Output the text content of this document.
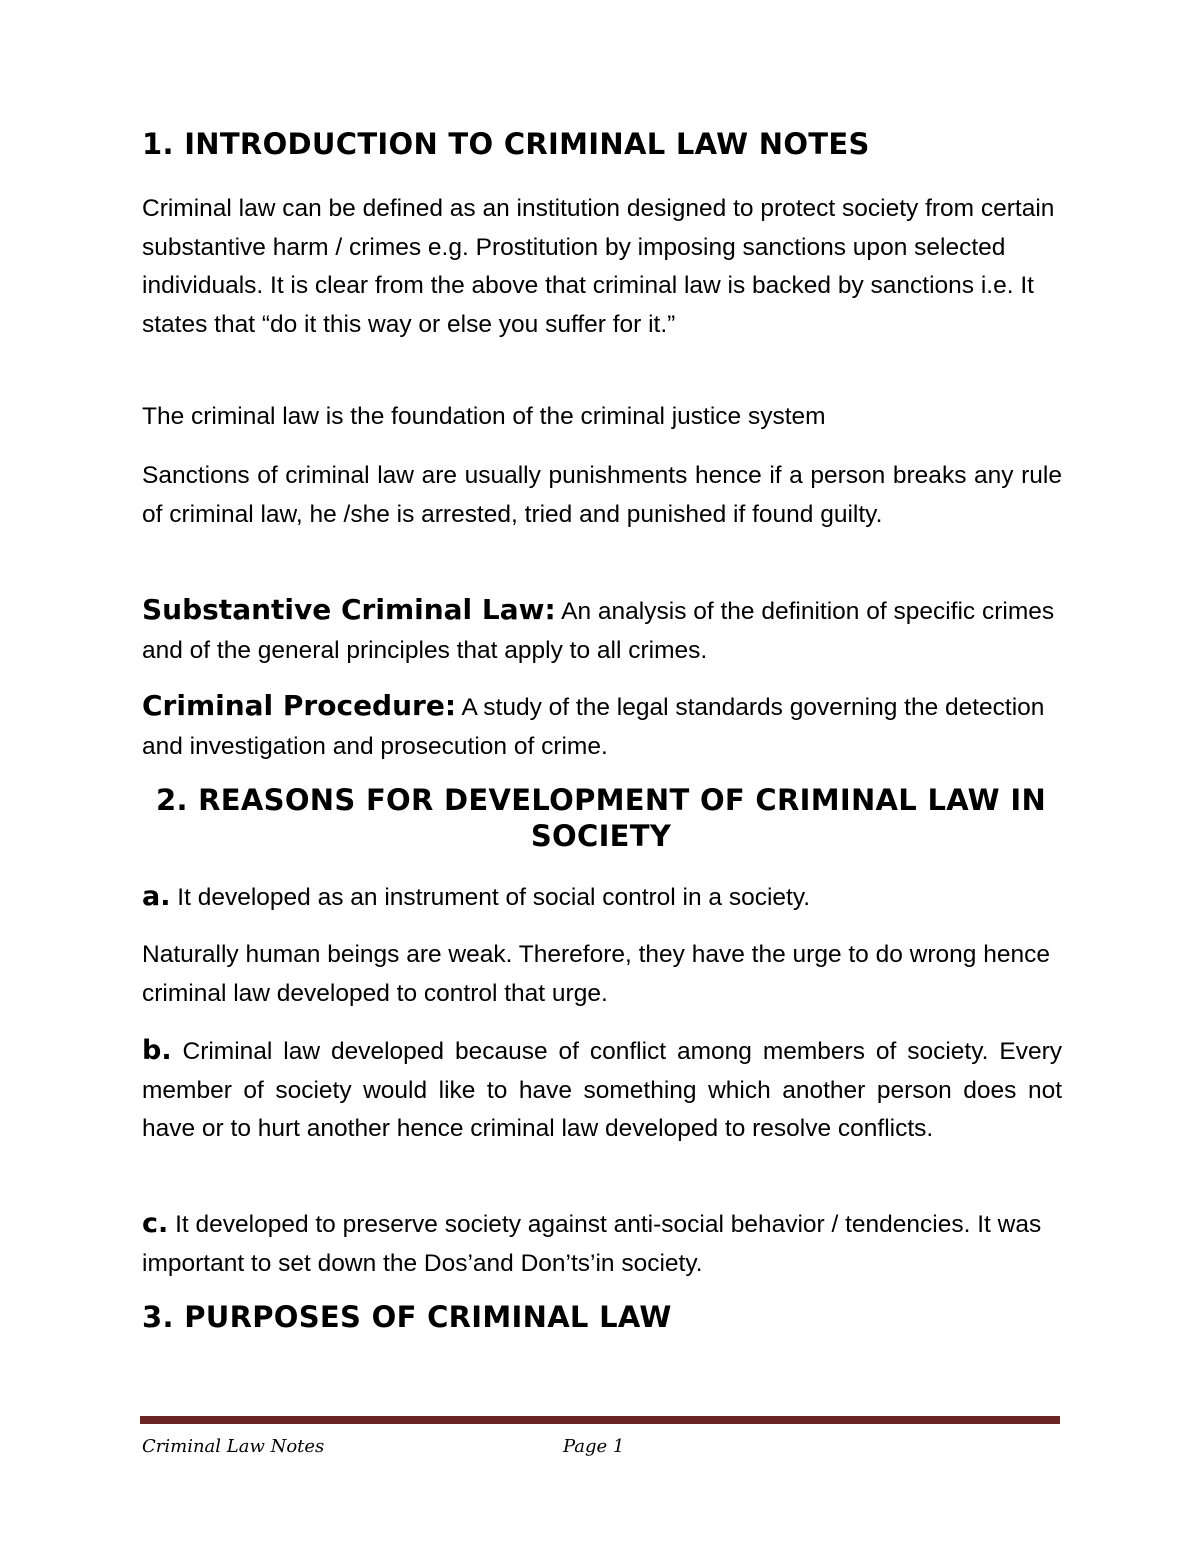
1. INTRODUCTION TO CRIMINAL LAW NOTES

Criminal law can be defined as an institution designed to protect society from certain substantive harm / crimes e.g. Prostitution by imposing sanctions upon selected individuals. It is clear from the above that criminal law is backed by sanctions i.e. It states that “do it this way or else you suffer for it.”

The criminal law is the foundation of the criminal justice system

Sanctions of criminal law are usually punishments hence if a person breaks any rule of criminal law, he /she is arrested, tried and punished if found guilty.

Substantive Criminal Law: An analysis of the definition of specific crimes and of the general principles that apply to all crimes.

Criminal Procedure: A study of the legal standards governing the detection and investigation and prosecution of crime.

2. REASONS FOR DEVELOPMENT OF CRIMINAL LAW IN SOCIETY

a. It developed as an instrument of social control in a society.

Naturally human beings are weak. Therefore, they have the urge to do wrong hence criminal law developed to control that urge.

b. Criminal law developed because of conflict among members of society. Every member of society would like to have something which another person does not have or to hurt another hence criminal law developed to resolve conflicts.

c. It developed to preserve society against anti-social behavior / tendencies. It was important to set down the Dos’and Don’ts’in society.

3. PURPOSES OF CRIMINAL LAW
Criminal Law Notes	Page 1
